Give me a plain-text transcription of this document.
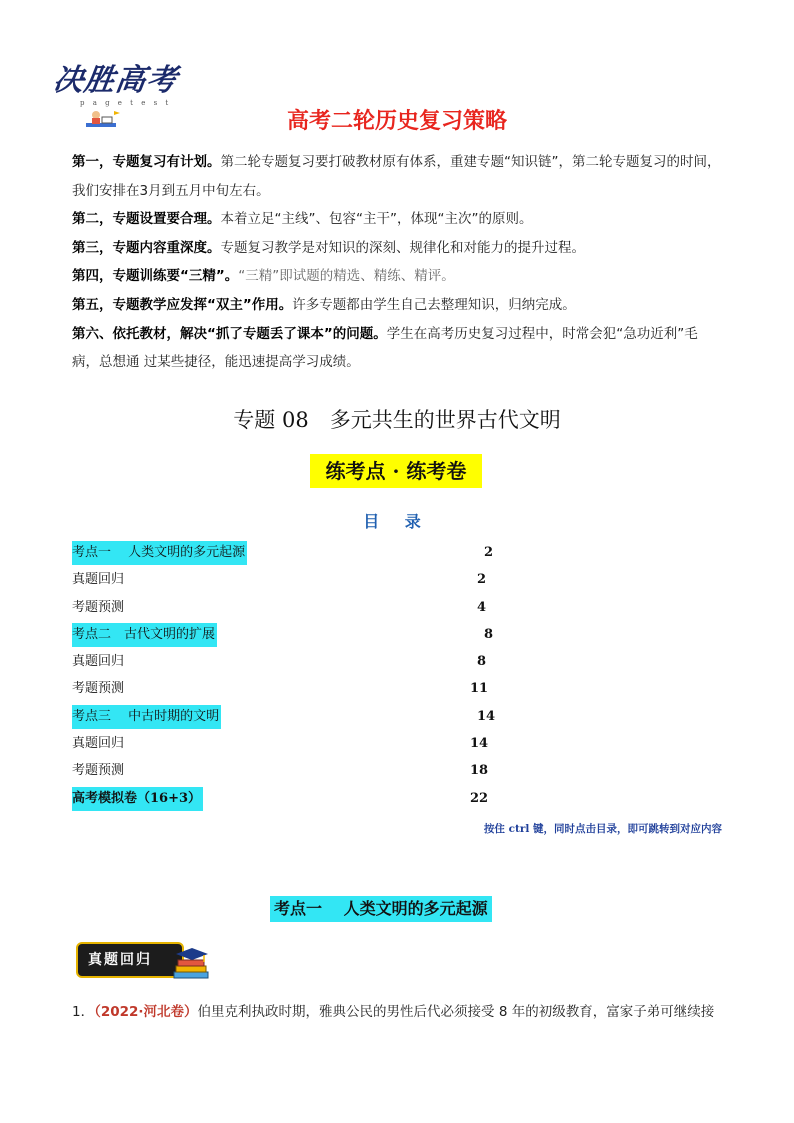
决胜高考
p a g e t e s t
高考二轮历史复习策略

第一，专题复习有计划。第二轮专题复习要打破教材原有体系，重建专题“知识链”，第二轮专题复习的时间，我们安排在3月到五月中旬左右。

第二，专题设置要合理。本着立足“主线”、包容“主干”，体现“主次”的原则。

第三，专题内容重深度。专题复习教学是对知识的深刻、规律化和对能力的提升过程。

第四，专题训练要“三精”。“三精”即试题的精选、精练、精评。

第五，专题教学应发挥“双主”作用。许多专题都由学生自己去整理知识，归纳完成。

第六、依托教材，解决“抓了专题丢了课本”的问题。学生在高考历史复习过程中，时常会犯“急功近利”毛病，总想通 过某些捷径，能迅速提高学习成绩。

专题 08　多元共生的世界古代文明
练考点 · 练考卷
目 录
考点一　 人类文明的多元起源	2
真题回归	2
考题预测	4
考点二　古代文明的扩展	8
真题回归	8
考题预测	11
考点三　 中古时期的文明	14
真题回归	14
考题预测	18
高考模拟卷（16+3）	22
按住 ctrl 键，同时点击目录，即可跳转到对应内容
考点一　 人类文明的多元起源
真题回归
1．（2022·河北卷）伯里克利执政时期，雅典公民的男性后代必须接受 8 年的初级教育，富家子弟可继续接
